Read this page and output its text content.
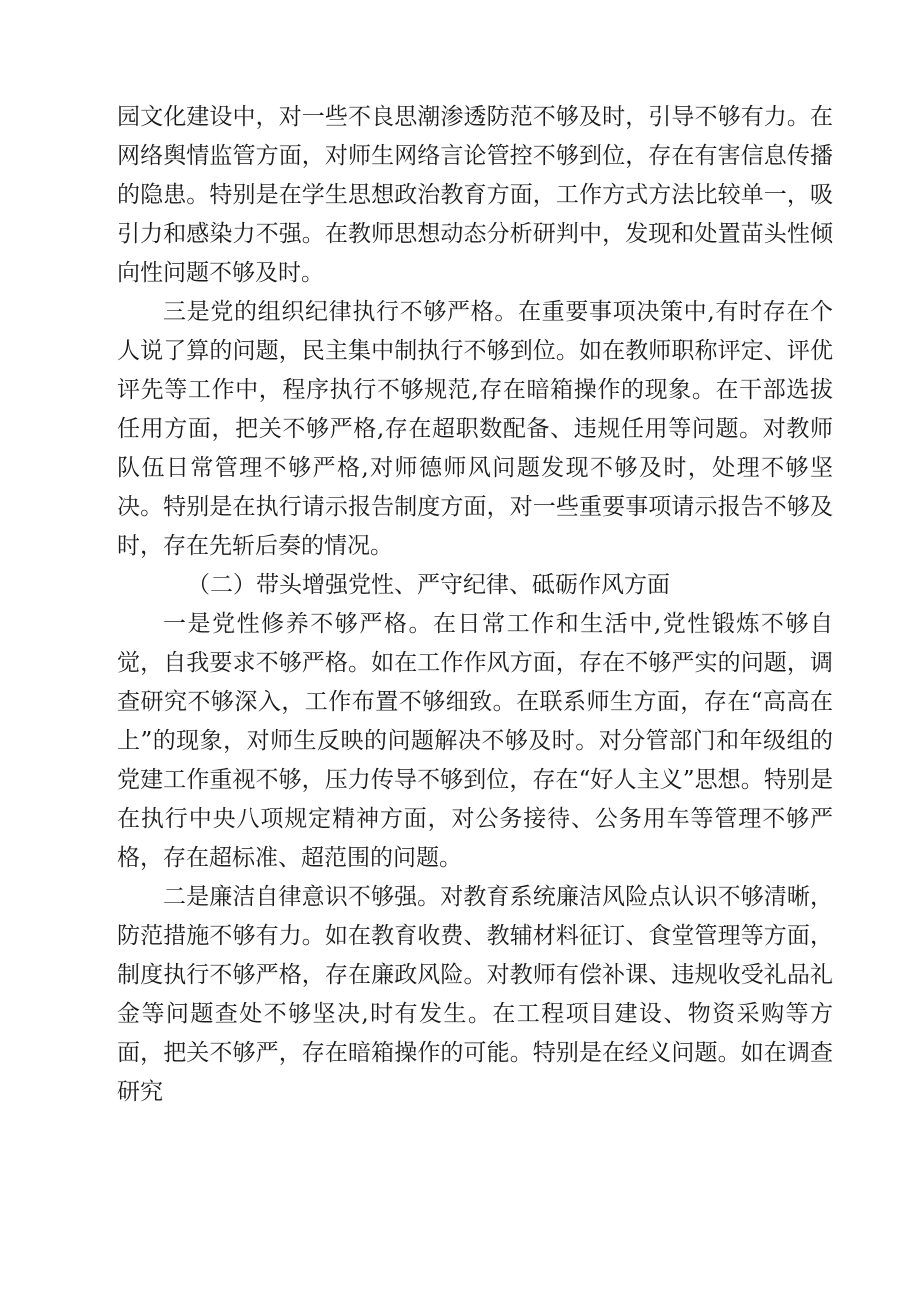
园文化建设中，对一些不良思潮渗透防范不够及时，引导不够有力。在网络舆情监管方面，对师生网络言论管控不够到位，存在有害信息传播的隐患。特别是在学生思想政治教育方面，工作方式方法比较单一，吸引力和感染力不强。在教师思想动态分析研判中，发现和处置苗头性倾向性问题不够及时。

三是党的组织纪律执行不够严格。在重要事项决策中,有时存在个人说了算的问题，民主集中制执行不够到位。如在教师职称评定、评优评先等工作中，程序执行不够规范,存在暗箱操作的现象。在干部选拔任用方面，把关不够严格,存在超职数配备、违规任用等问题。对教师队伍日常管理不够严格,对师德师风问题发现不够及时，处理不够坚决。特别是在执行请示报告制度方面，对一些重要事项请示报告不够及时，存在先斩后奏的情况。

（二）带头增强党性、严守纪律、砥砺作风方面

一是党性修养不够严格。在日常工作和生活中,党性锻炼不够自觉，自我要求不够严格。如在工作作风方面，存在不够严实的问题，调查研究不够深入，工作布置不够细致。在联系师生方面，存在“高高在上”的现象，对师生反映的问题解决不够及时。对分管部门和年级组的党建工作重视不够，压力传导不够到位，存在“好人主义”思想。特别是在执行中央八项规定精神方面，对公务接待、公务用车等管理不够严格，存在超标准、超范围的问题。

二是廉洁自律意识不够强。对教育系统廉洁风险点认识不够清晰，防范措施不够有力。如在教育收费、教辅材料征订、食堂管理等方面，制度执行不够严格，存在廉政风险。对教师有偿补课、违规收受礼品礼金等问题查处不够坚决,时有发生。在工程项目建设、物资采购等方面，把关不够严，存在暗箱操作的可能。特别是在经义问题。如在调查研究
